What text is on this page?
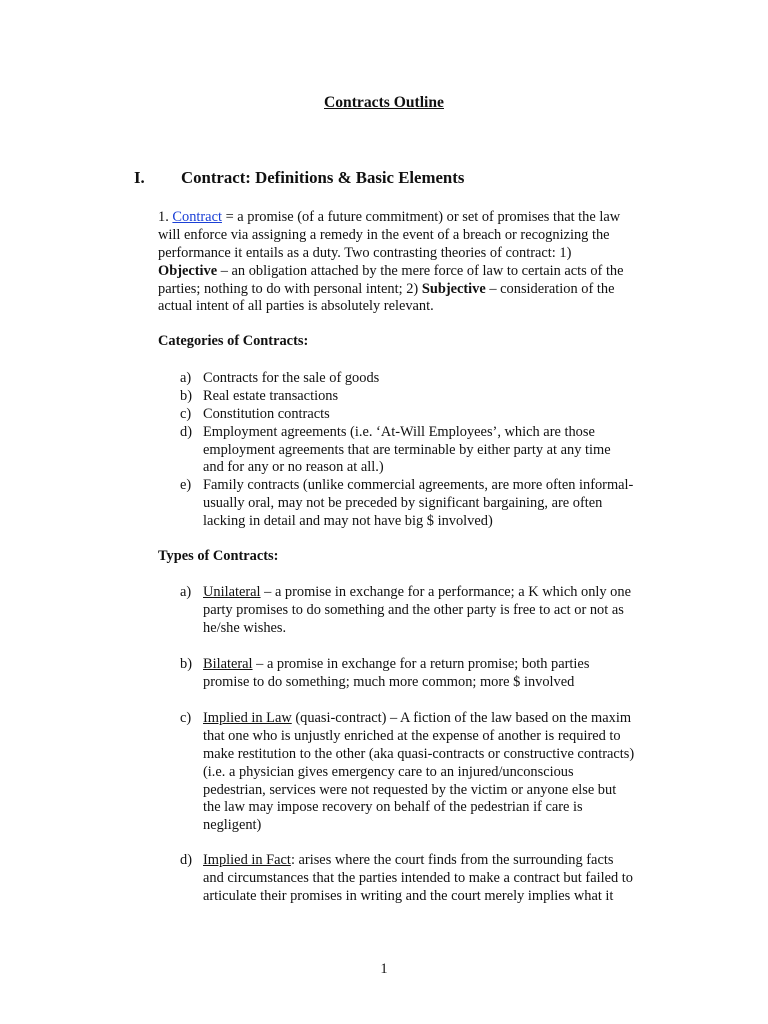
Contracts Outline
I. Contract: Definitions & Basic Elements
1. Contract = a promise (of a future commitment) or set of promises that the law
will enforce via assigning a remedy in the event of a breach or recognizing the
performance it entails as a duty. Two contrasting theories of contract: 1)
Objective – an obligation attached by the mere force of law to certain acts of the
parties; nothing to do with personal intent; 2) Subjective – consideration of the
actual intent of all parties is absolutely relevant.
Categories of Contracts:
a) Contracts for the sale of goods
b) Real estate transactions
c) Constitution contracts
d) Employment agreements (i.e. ‘At-Will Employees’, which are those
employment agreements that are terminable by either party at any time
and for any or no reason at all.)
e) Family contracts (unlike commercial agreements, are more often informal-
usually oral, may not be preceded by significant bargaining, are often
lacking in detail and may not have big $ involved)
Types of Contracts:
a) Unilateral – a promise in exchange for a performance; a K which only one
party promises to do something and the other party is free to act or not as
he/she wishes.
b) Bilateral – a promise in exchange for a return promise; both parties
promise to do something; much more common; more $ involved
c) Implied in Law (quasi-contract) – A fiction of the law based on the maxim
that one who is unjustly enriched at the expense of another is required to
make restitution to the other (aka quasi-contracts or constructive contracts)
(i.e. a physician gives emergency care to an injured/unconscious
pedestrian, services were not requested by the victim or anyone else but
the law may impose recovery on behalf of the pedestrian if care is
negligent)
d) Implied in Fact: arises where the court finds from the surrounding facts
and circumstances that the parties intended to make a contract but failed to
articulate their promises in writing and the court merely implies what it
1
